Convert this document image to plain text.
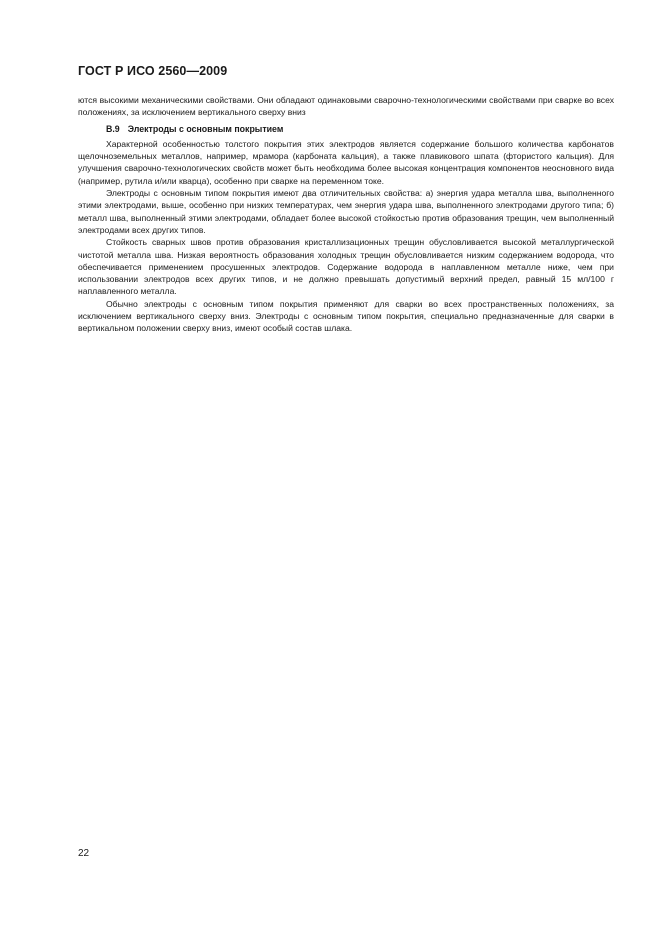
ГОСТ Р ИСО 2560—2009

ются высокими механическими свойствами. Они обладают одинаковыми сварочно-технологическими свойствами при сварке во всех положениях, за исключением вертикального сверху вниз

В.9 Электроды с основным покрытием

Характерной особенностью толстого покрытия этих электродов является содержание большого количества карбонатов щелочноземельных металлов, например, мрамора (карбоната кальция), а также плавикового шпата (фтористого кальция). Для улучшения сварочно-технологических свойств может быть необходима более высокая концентрация компонентов неосновного вида (например, рутила и/или кварца), особенно при сварке на переменном токе.

Электроды с основным типом покрытия имеют два отличительных свойства: а) энергия удара металла шва, выполненного этими электродами, выше, особенно при низких температурах, чем энергия удара шва, выполненного электродами другого типа; б) металл шва, выполненный этими электродами, обладает более высокой стойкостью против образования трещин, чем выполненный электродами всех других типов.

Стойкость сварных швов против образования кристаллизационных трещин обусловливается высокой металлургической чистотой металла шва. Низкая вероятность образования холодных трещин обусловливается низким содержанием водорода, что обеспечивается применением просушенных электродов. Содержание водорода в наплавленном металле ниже, чем при использовании электродов всех других типов, и не должно превышать допустимый верхний предел, равный 15 мл/100 г наплавленного металла.

Обычно электроды с основным типом покрытия применяют для сварки во всех пространственных положениях, за исключением вертикального сверху вниз. Электроды с основным типом покрытия, специально предназначенные для сварки в вертикальном положении сверху вниз, имеют особый состав шлака.

22
